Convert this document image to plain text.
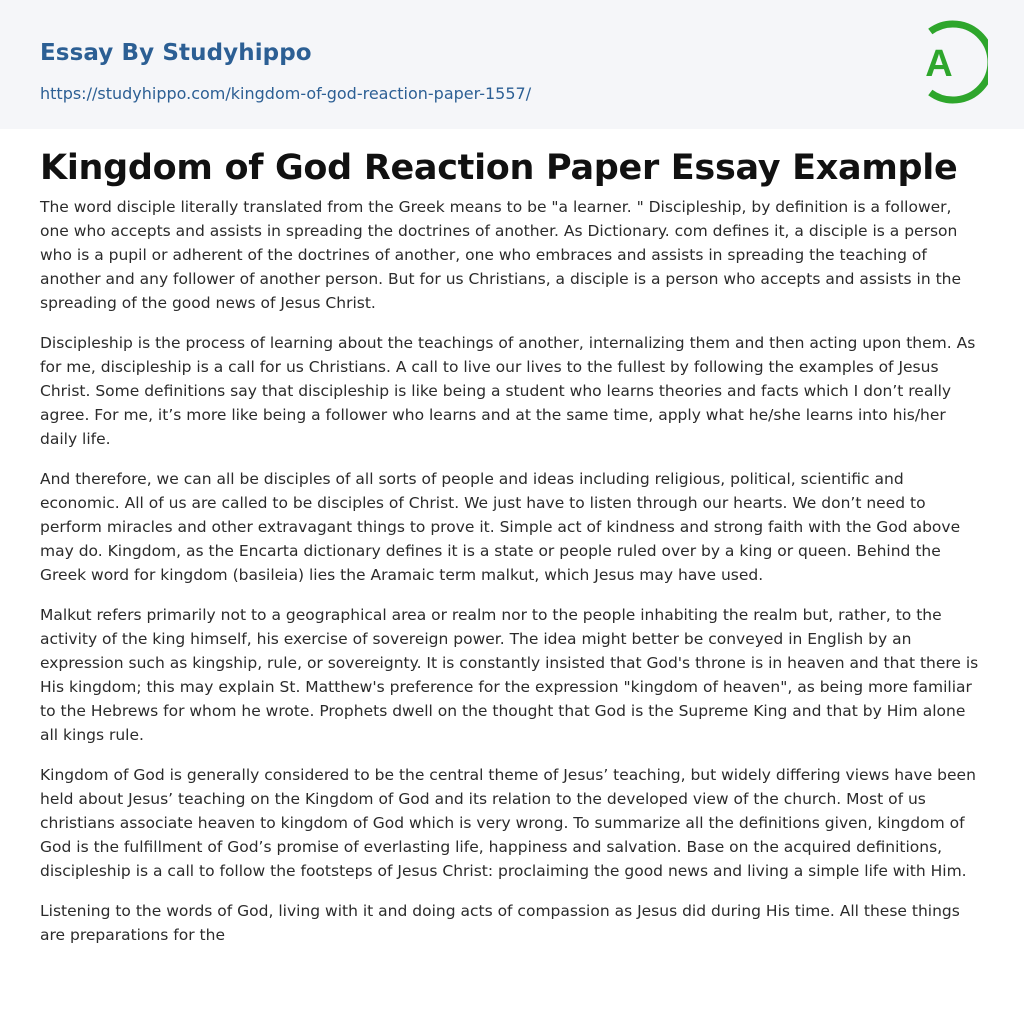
Essay By Studyhippo
https://studyhippo.com/kingdom-of-god-reaction-paper-1557/
A
Kingdom of God Reaction Paper Essay Example

The word disciple literally translated from the Greek means to be "a learner. " Discipleship, by definition is a follower, one who accepts and assists in spreading the doctrines of another. As Dictionary. com defines it, a disciple is a person who is a pupil or adherent of the doctrines of another, one who embraces and assists in spreading the teaching of another and any follower of another person. But for us Christians, a disciple is a person who accepts and assists in the spreading of the good news of Jesus Christ.

Discipleship is the process of learning about the teachings of another, internalizing them and then acting upon them. As for me, discipleship is a call for us Christians. A call to live our lives to the fullest by following the examples of Jesus Christ. Some definitions say that discipleship is like being a student who learns theories and facts which I don’t really agree. For me, it’s more like being a follower who learns and at the same time, apply what he/she learns into his/her daily life.

And therefore, we can all be disciples of all sorts of people and ideas including religious, political, scientific and economic. All of us are called to be disciples of Christ. We just have to listen through our hearts. We don’t need to perform miracles and other extravagant things to prove it. Simple act of kindness and strong faith with the God above may do. Kingdom, as the Encarta dictionary defines it is a state or people ruled over by a king or queen. Behind the Greek word for kingdom (basileia) lies the Aramaic term malkut, which Jesus may have used.

Malkut refers primarily not to a geographical area or realm nor to the people inhabiting the realm but, rather, to the activity of the king himself, his exercise of sovereign power. The idea might better be conveyed in English by an expression such as kingship, rule, or sovereignty. It is constantly insisted that God's throne is in heaven and that there is His kingdom; this may explain St. Matthew's preference for the expression "kingdom of heaven", as being more familiar to the Hebrews for whom he wrote. Prophets dwell on the thought that God is the Supreme King and that by Him alone all kings rule.

Kingdom of God is generally considered to be the central theme of Jesus’ teaching, but widely differing views have been held about Jesus’ teaching on the Kingdom of God and its relation to the developed view of the church. Most of us christians associate heaven to kingdom of God which is very wrong. To summarize all the definitions given, kingdom of God is the fulfillment of God’s promise of everlasting life, happiness and salvation. Base on the acquired definitions, discipleship is a call to follow the footsteps of Jesus Christ: proclaiming the good news and living a simple life with Him.

Listening to the words of God, living with it and doing acts of compassion as Jesus did during His time. All these things are preparations for the
